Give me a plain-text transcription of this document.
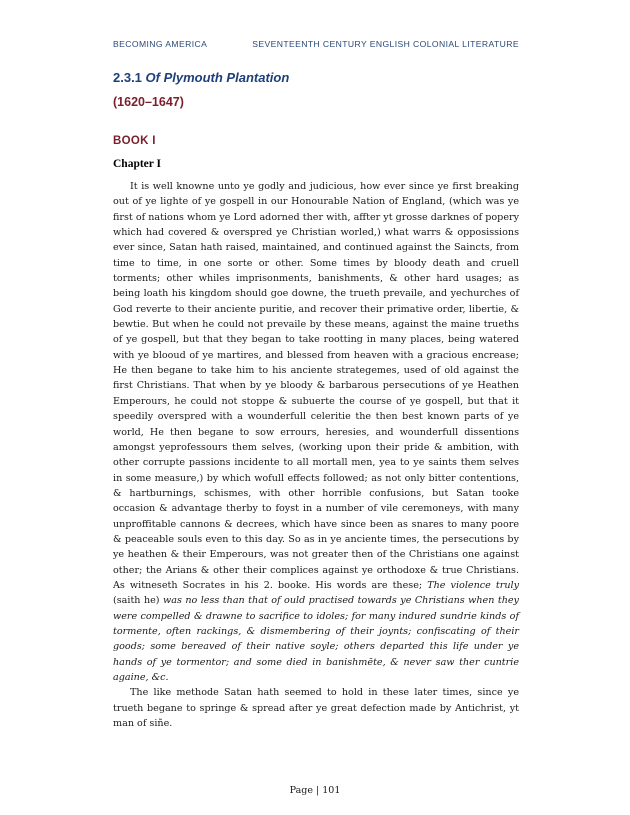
BECOMING AMERICA	SEVENTEENTH CENTURY ENGLISH COLONIAL LITERATURE
2.3.1 Of Plymouth Plantation
(1620–1647)
BOOK I
Chapter I

It is well knowne unto ye godly and judicious, how ever since ye first breaking out of ye lighte of ye gospell in our Honourable Nation of England, (which was ye first of nations whom ye Lord adorned ther with, affter yt grosse darknes of popery which had covered & overspred ye Christian worled,) what warrs & opposissions ever since, Satan hath raised, maintained, and continued against the Saincts, from time to time, in one sorte or other. Some times by bloody death and cruell torments; other whiles imprisonments, banishments, & other hard usages; as being loath his kingdom should goe downe, the trueth prevaile, and yechurches of God reverte to their anciente puritie, and recover their primative order, libertie, & bewtie. But when he could not prevaile by these means, against the maine trueths of ye gospell, but that they began to take rootting in many places, being watered with ye blooud of ye martires, and blessed from heaven with a gracious encrease; He then begane to take him to his anciente strategemes, used of old against the first Christians. That when by ye bloody & barbarous persecutions of ye Heathen Emperours, he could not stoppe & subuerte the course of ye gospell, but that it speedily overspred with a wounderfull celeritie the then best known parts of ye world, He then begane to sow errours, heresies, and wounderfull dissentions amongst yeprofessours them selves, (working upon their pride & ambition, with other corrupte passions incidente to all mortall men, yea to ye saints them selves in some measure,) by which wofull effects followed; as not only bitter contentions, & hartburnings, schismes, with other horrible confusions, but Satan tooke occasion & advantage therby to foyst in a number of vile ceremoneys, with many unproffitable cannons & decrees, which have since been as snares to many poore & peaceable souls even to this day. So as in ye anciente times, the persecutions by ye heathen & their Emperours, was not greater then of the Christians one against other; the Arians & other their complices against ye orthodoxe & true Christians. As witneseth Socrates in his 2. booke. His words are these; The violence truly (saith he) was no less than that of ould practised towards ye Christians when they were compelled & drawne to sacrifice to idoles; for many indured sundrie kinds of tormente, often rackings, & dismembering of their joynts; confiscating of their goods; some bereaved of their native soyle; others departed this life under ye hands of ye tormentor; and some died in banishmēte, & never saw ther cuntrie againe, &c.

The like methode Satan hath seemed to hold in these later times, since ye trueth begane to springe & spread after ye great defection made by Antichrist, yt man of siñe.

Page | 101
